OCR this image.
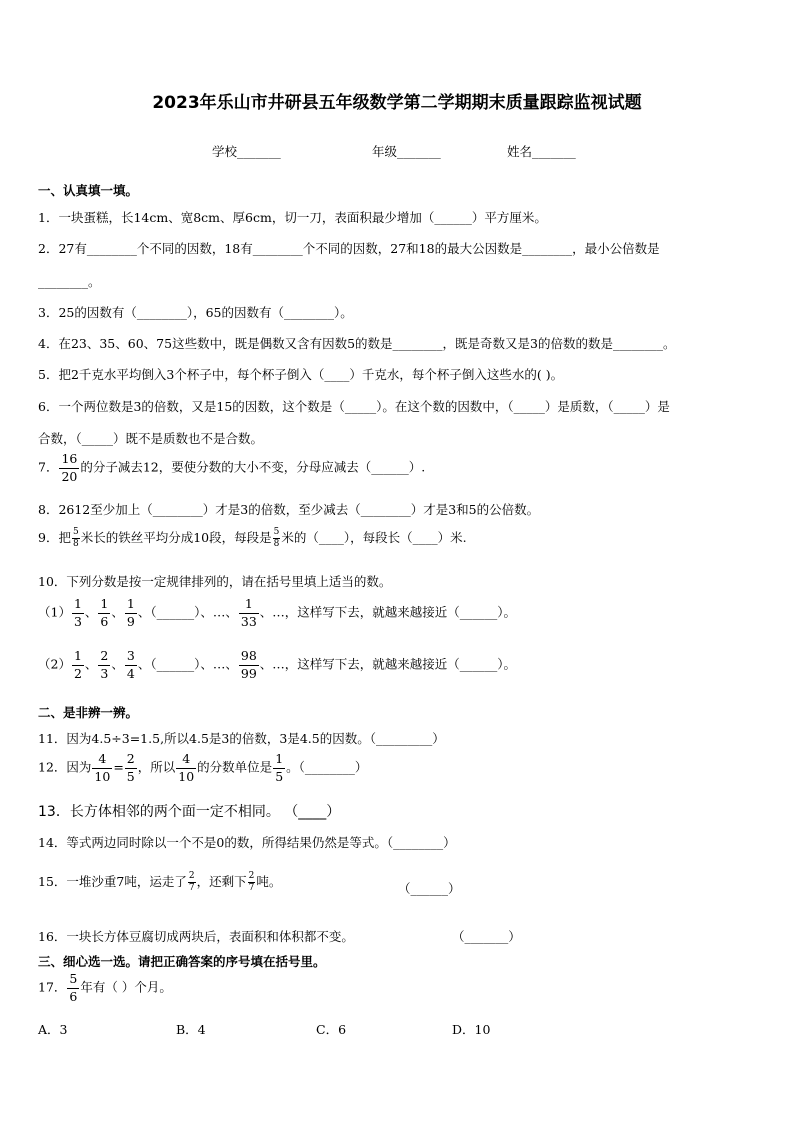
2023年乐山市井研县五年级数学第二学期期末质量跟踪监视试题
学校_______	年级_______	姓名_______
一、认真填一填。
1．一块蛋糕，长14cm、宽8cm、厚6cm，切一刀，表面积最少增加（______）平方厘米。
2．27有________个不同的因数，18有________个不同的因数，27和18的最大公因数是________，最小公倍数是
________。
3．25的因数有（________），65的因数有（________）。
4．在23、35、60、75这些数中，既是偶数又含有因数5的数是________，既是奇数又是3的倍数的数是________。
5．把2千克水平均倒入3个杯子中，每个杯子倒入（____）千克水，每个杯子倒入这些水的( )。
6．一个两位数是3的倍数，又是15的因数，这个数是（_____）。在这个数的因数中，（_____）是质数，（_____）是
合数，（_____）既不是质数也不是合数。
7． $\frac{16}{20}$ 的分子减去12，要使分数的大小不变，分母应减去（______）.
8．2612至少加上（________）才是3的倍数，至少减去（________）才是3和5的公倍数。
9．把 $\frac{5}{8}$ 米长的铁丝平均分成10段，每段是 $\frac{5}{8}$ 米的（____），每段长（____）米.
10．下列分数是按一定规律排列的，请在括号里填上适当的数。
$(1) \frac{1}{3}$ 、 $\frac{1}{6}$ 、 $\frac{1}{9}$ 、（______）、…、 $\frac{1}{33}$ 、…，这样写下去，就越来越接近（______）。
$(2) \frac{1}{2}$ 、 $\frac{2}{3}$ 、 $\frac{3}{4}$ 、（______）、…、 $\frac{98}{99}$ 、…，这样写下去，就越来越接近（______）。
二、是非辨一辨。
11．因为4.5÷3=1.5,所以4.5是3的倍数，3是4.5的因数。（_________）
12．因为 $\frac{4}{10} = \frac{2}{5}$ ，所以 $\frac{4}{10}$ 的分数单位是 $\frac{1}{5}$ 。（________）
13．长方体相邻的两个面一定不相同。 （____）
14．等式两边同时除以一个不是0的数，所得结果仍然是等式。（________）
15．一堆沙重7吨，运走了 $\frac{2}{7}$ ，还剩下 $\frac{2}{7}$ 吨。	（______）
16．一块长方体豆腐切成两块后，表面积和体积都不变。	（_______）
三、细心选一选。请把正确答案的序号填在括号里。
17． $\frac{5}{6}$ 年有（ ）个月。
A．3	B．4	C．6	D．10
